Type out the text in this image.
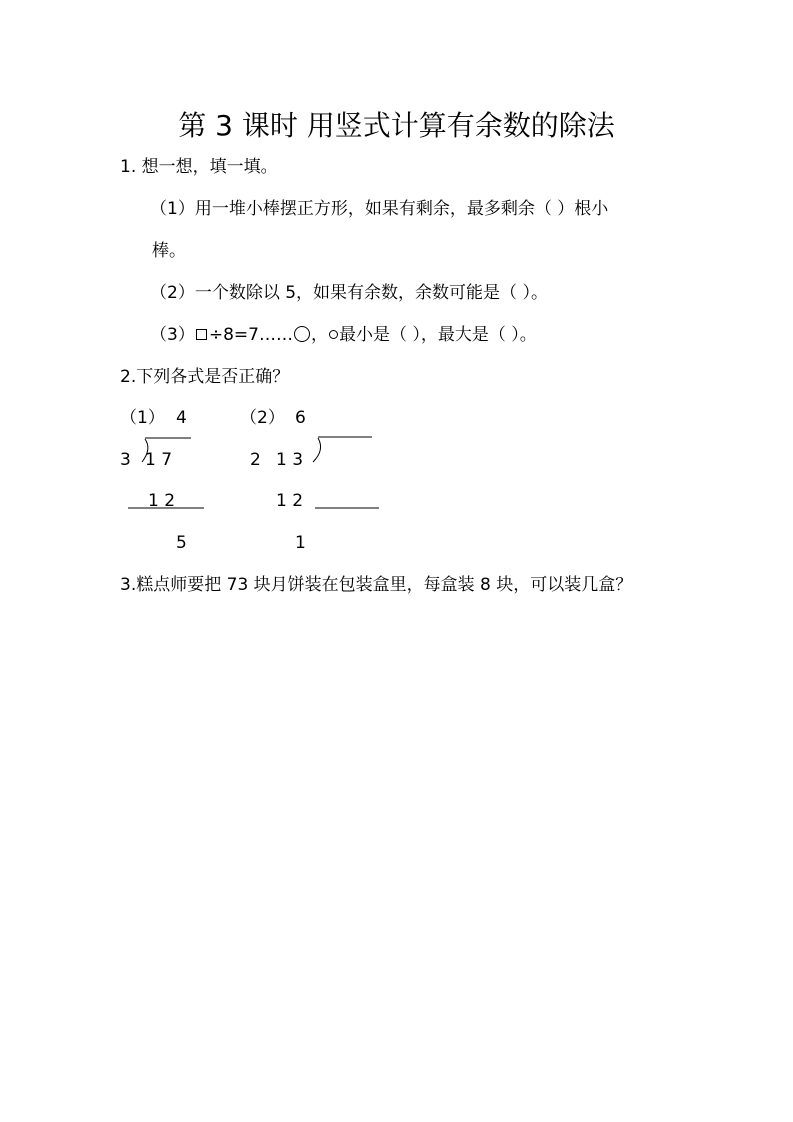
第 3 课时 用竖式计算有余数的除法
1. 想一想，填一填。
（1）用一堆小棒摆正方形，如果有剩余，最多剩余（ ）根小
棒。
（2）一个数除以 5，如果有余数，余数可能是（ ）。
（3） ÷8=7…… ， 最小是（ ），最大是（ ）。
2.下列各式是否正确？
（1） 4
3 1 7
1 2
5
（2） 6
2 1 3
1 2
1
3.糕点师要把 73 块月饼装在包装盒里，每盒装 8 块，可以装几盒？
